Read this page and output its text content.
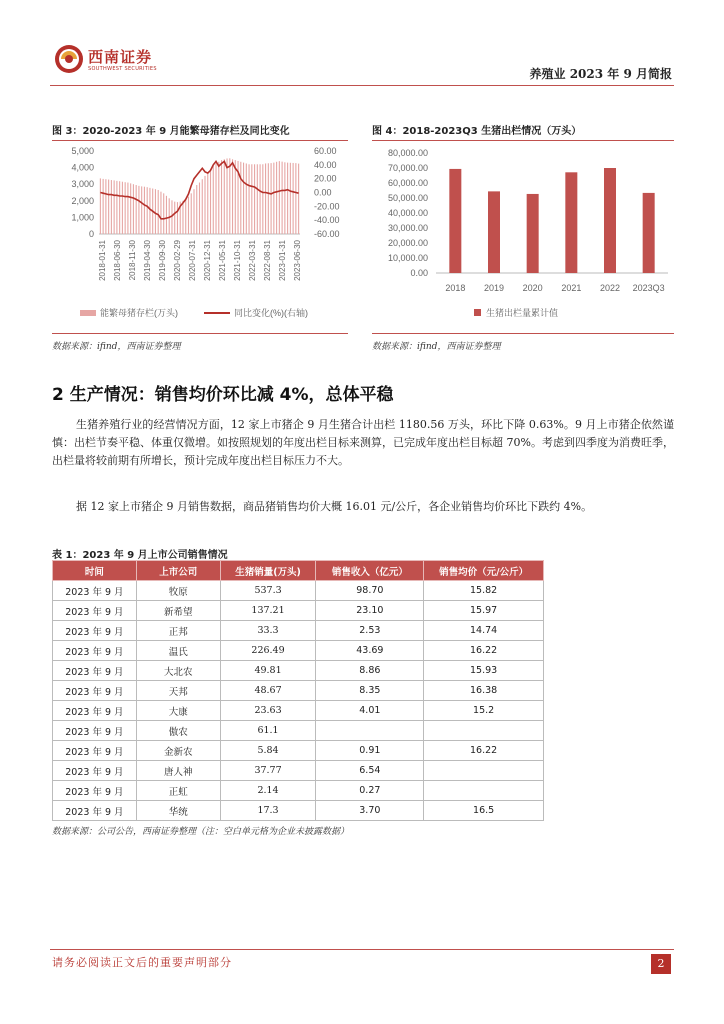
西南证券
SOUTHWEST SECURITIES	养殖业 2023 年 9 月简报
图 3：2020-2023 年 9 月能繁母猪存栏及同比变化	图 4：2018-2023Q3 生猪出栏情况（万头）
5,000
4,000
3,000
2,000
1,000
0
60.00
40.00
20.00
0.00
-20.00
-40.00
-60.00
2018-01-31 2018-06-30 2018-11-30 2019-04-30 2019-09-30 2020-02-29 2020-07-31 2020-12-31 2021-05-31 2021-10-31 2022-03-31 2022-08-31 2023-01-31 2023-06-30
能繁母猪存栏(万头)	同比变化(%)(右轴)
80,000.00
70,000.00
60,000.00
50,000.00
40,000.00
30,000.00
20,000.00
10,000.00
0.00
2018 2019 2020 2021 2022 2023Q3
生猪出栏量累计值
数据来源：ifind，西南证券整理	数据来源：ifind，西南证券整理
2 生产情况：销售均价环比减 4%，总体平稳

生猪养殖行业的经营情况方面，12 家上市猪企 9 月生猪合计出栏 1180.56 万头，环比下降 0.63%。9 月上市猪企依然谨慎：出栏节奏平稳、体重仅微增。如按照规划的年度出栏目标来测算，已完成年度出栏目标超 70%。考虑到四季度为消费旺季，出栏量将较前期有所增长，预计完成年度出栏目标压力不大。

据 12 家上市猪企 9 月销售数据，商品猪销售均价大概 16.01 元/公斤，各企业销售均价环比下跌约 4%。

表 1：2023 年 9 月上市公司销售情况
时间	上市公司	生猪销量(万头)	销售收入（亿元）	销售均价（元/公斤）
2023 年 9 月	牧原	537.3	98.70	15.82
2023 年 9 月	新希望	137.21	23.10	15.97
2023 年 9 月	正邦	33.3	2.53	14.74
2023 年 9 月	温氏	226.49	43.69	16.22
2023 年 9 月	大北农	49.81	8.86	15.93
2023 年 9 月	天邦	48.67	8.35	16.38
2023 年 9 月	大康	23.63	4.01	15.2
2023 年 9 月	傲农	61.1		
2023 年 9 月	金新农	5.84	0.91	16.22
2023 年 9 月	唐人神	37.77	6.54	
2023 年 9 月	正虹	2.14	0.27	
2023 年 9 月	华统	17.3	3.70	16.5
数据来源：公司公告，西南证券整理（注：空白单元格为企业未披露数据）
请务必阅读正文后的重要声明部分	2
